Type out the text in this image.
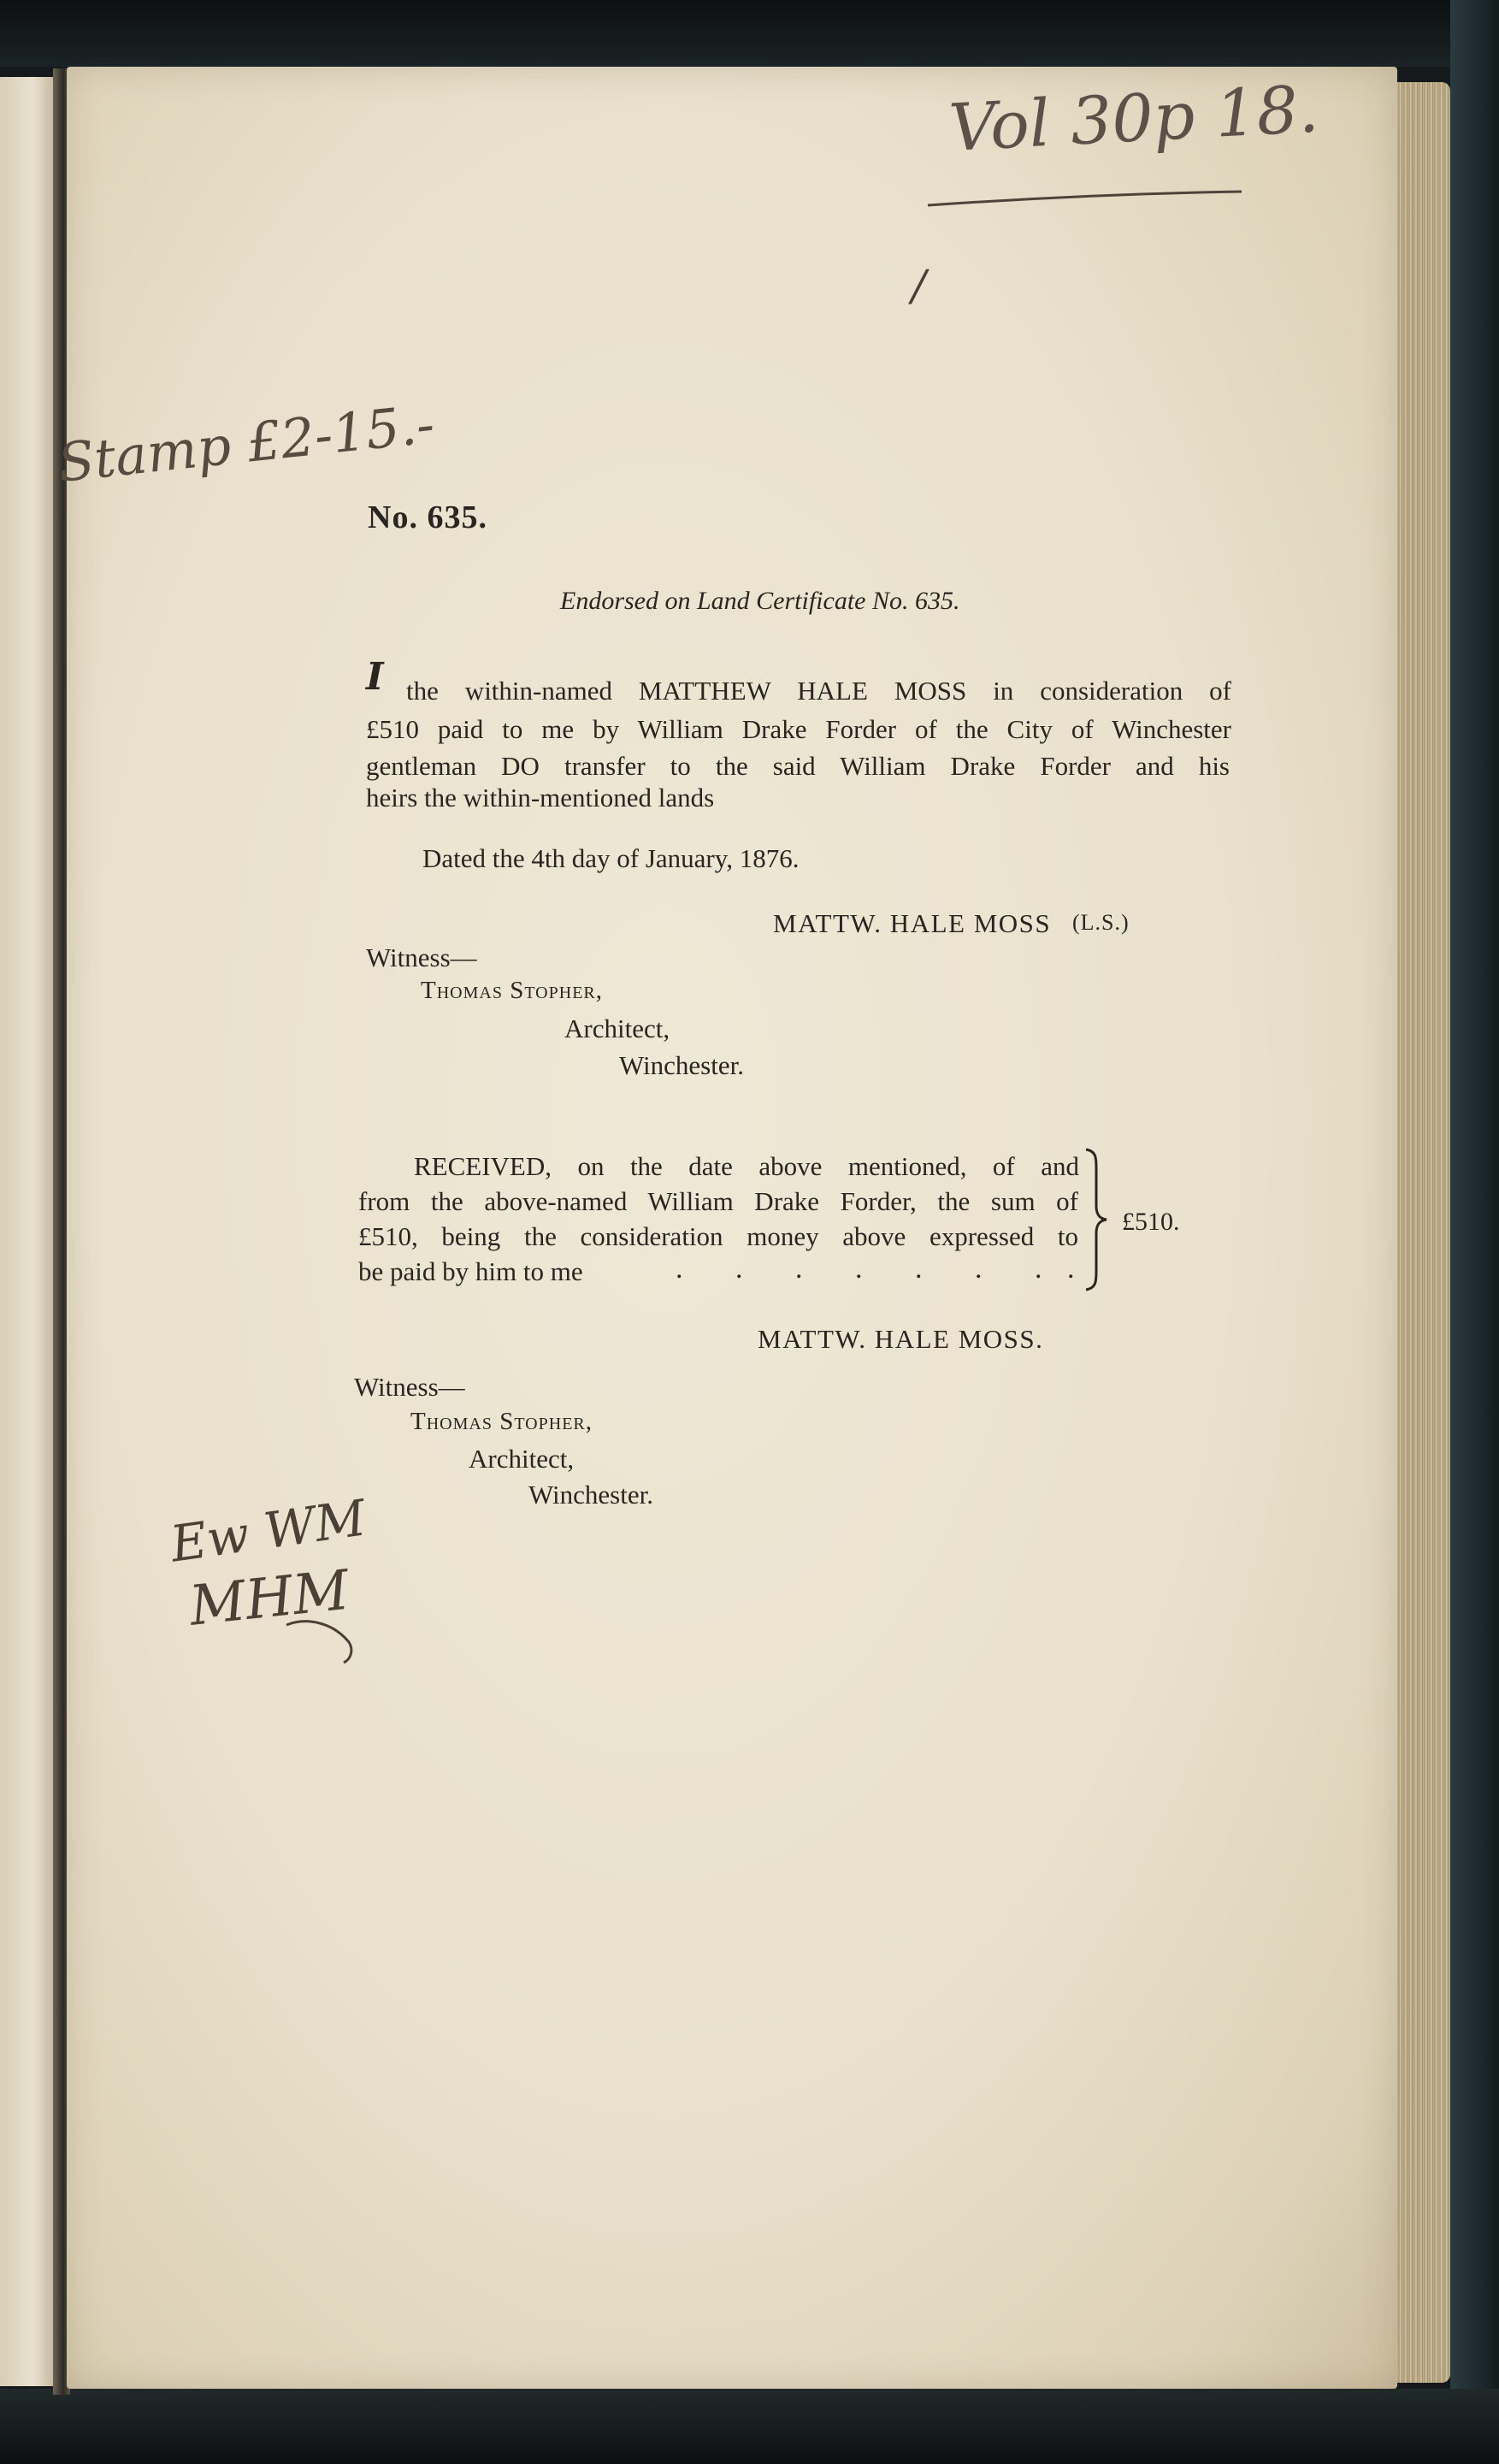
Vol 30p 18.
/
Stamp £2-15.-
No. 635.
Endorsed on Land Certificate No. 635.
I the within-named MATTHEW HALE MOSS in consideration of
£510 paid to me by William Drake Forder of the City of Winchester
gentleman DO transfer to the said William Drake Forder and his
heirs the within-mentioned lands
Dated the 4th day of January, 1876.
MATTW. HALE MOSS (L.S.)
Witness—
Thomas Stopher,
Architect,
Winchester.
RECEIVED, on the date above mentioned, of and
from the above-named William Drake Forder, the sum of
£510, being the consideration money above expressed to
be paid by him to me	. . . . . . . .
£510.
MATTW. HALE MOSS.
Witness—
Thomas Stopher,
Architect,
Winchester.
Ew WM
MHM
